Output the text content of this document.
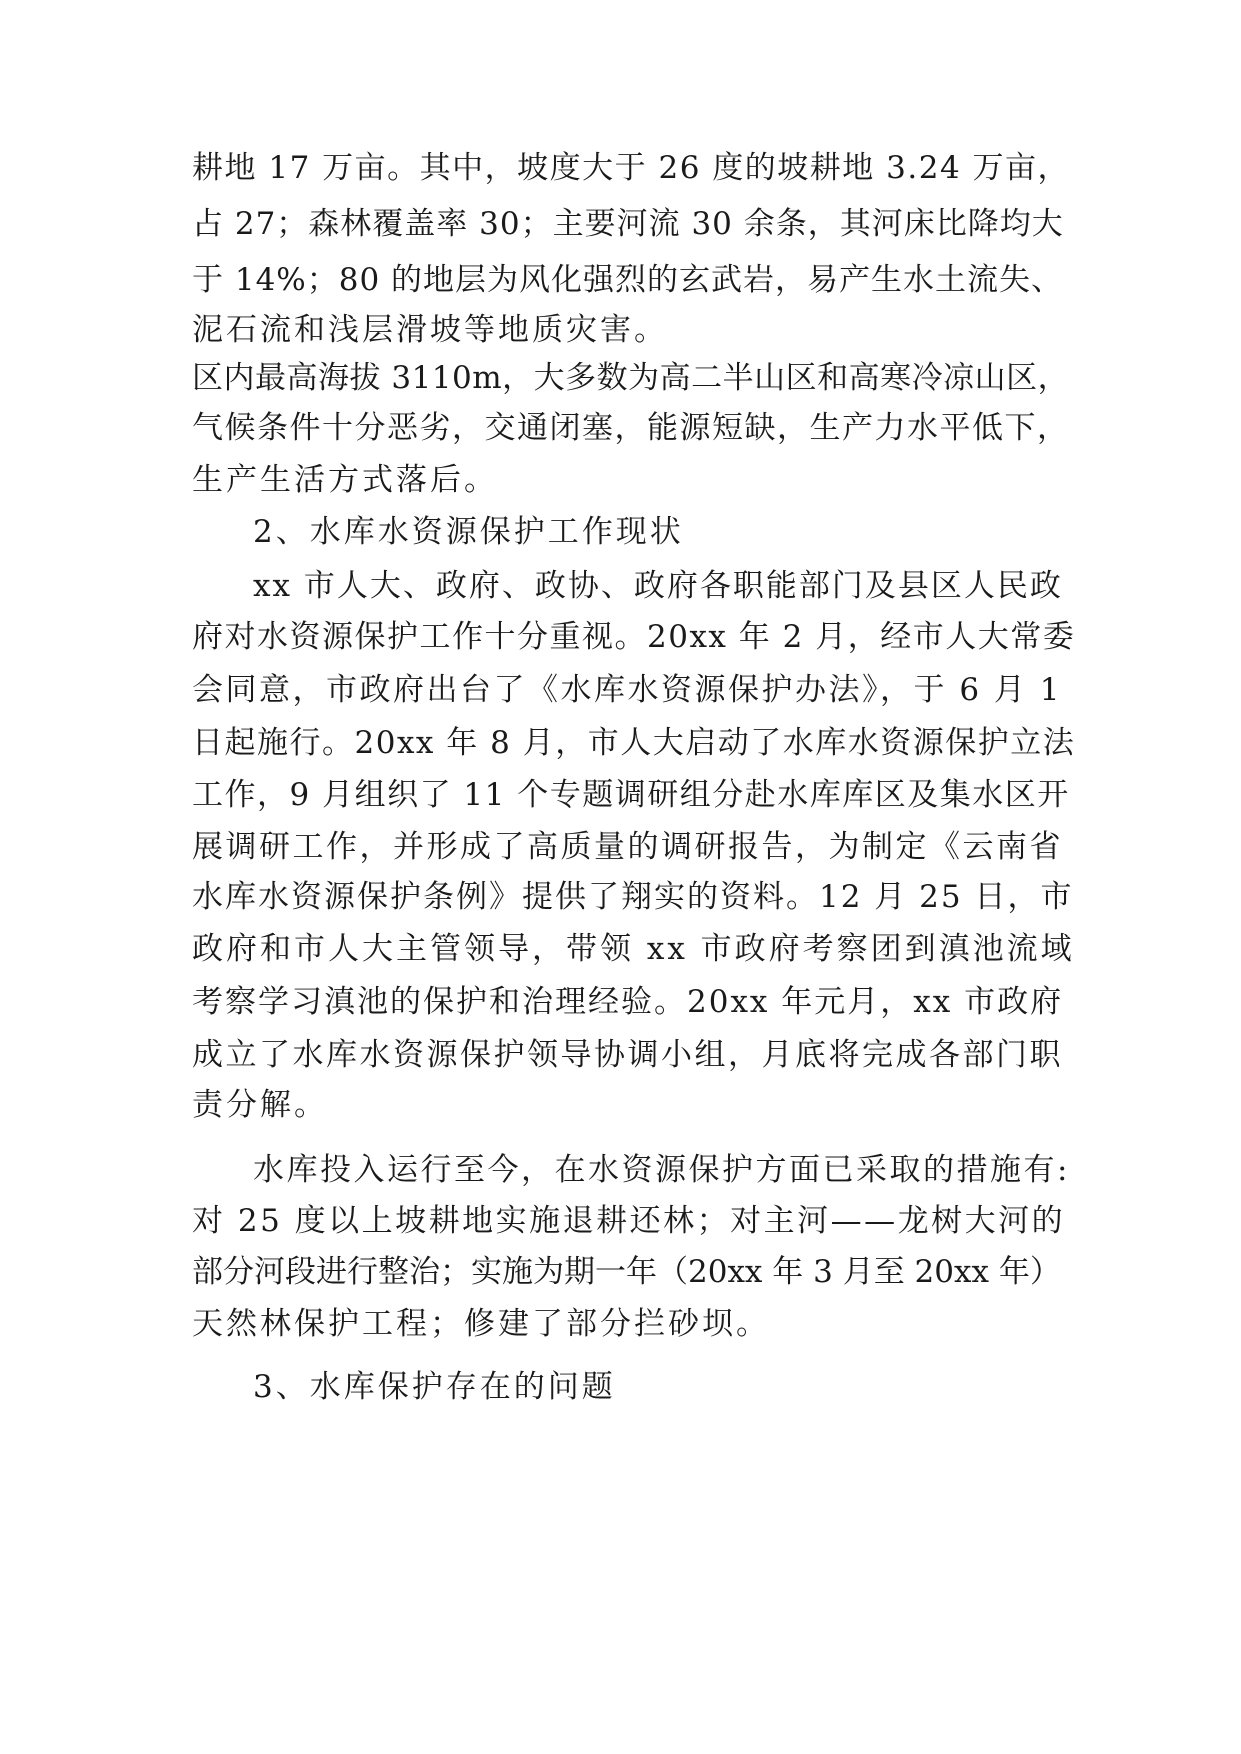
耕地 17 万亩。其中，坡度大于 26 度的坡耕地 3.24 万亩，
占 27；森林覆盖率 30；主要河流 30 余条，其河床比降均大
于 14%；80 的地层为风化强烈的玄武岩，易产生水土流失、
泥石流和浅层滑坡等地质灾害。
区内最高海拔 3110m，大多数为高二半山区和高寒冷凉山区，
气候条件十分恶劣，交通闭塞，能源短缺，生产力水平低下，
生产生活方式落后。
2、水库水资源保护工作现状
xx 市人大、政府、政协、政府各职能部门及县区人民政
府对水资源保护工作十分重视。20xx 年 2 月，经市人大常委
会同意，市政府出台了《水库水资源保护办法》，于 6 月 1
日起施行。20xx 年 8 月，市人大启动了水库水资源保护立法
工作，9 月组织了 11 个专题调研组分赴水库库区及集水区开
展调研工作，并形成了高质量的调研报告，为制定《云南省
水库水资源保护条例》提供了翔实的资料。12 月 25 日，市
政府和市人大主管领导，带领 xx 市政府考察团到滇池流域
考察学习滇池的保护和治理经验。20xx 年元月，xx 市政府
成立了水库水资源保护领导协调小组，月底将完成各部门职
责分解。
水库投入运行至今，在水资源保护方面已采取的措施有:
对 25 度以上坡耕地实施退耕还林；对主河——龙树大河的
部分河段进行整治；实施为期一年（20xx 年 3 月至 20xx 年）
天然林保护工程；修建了部分拦砂坝。
3、水库保护存在的问题
